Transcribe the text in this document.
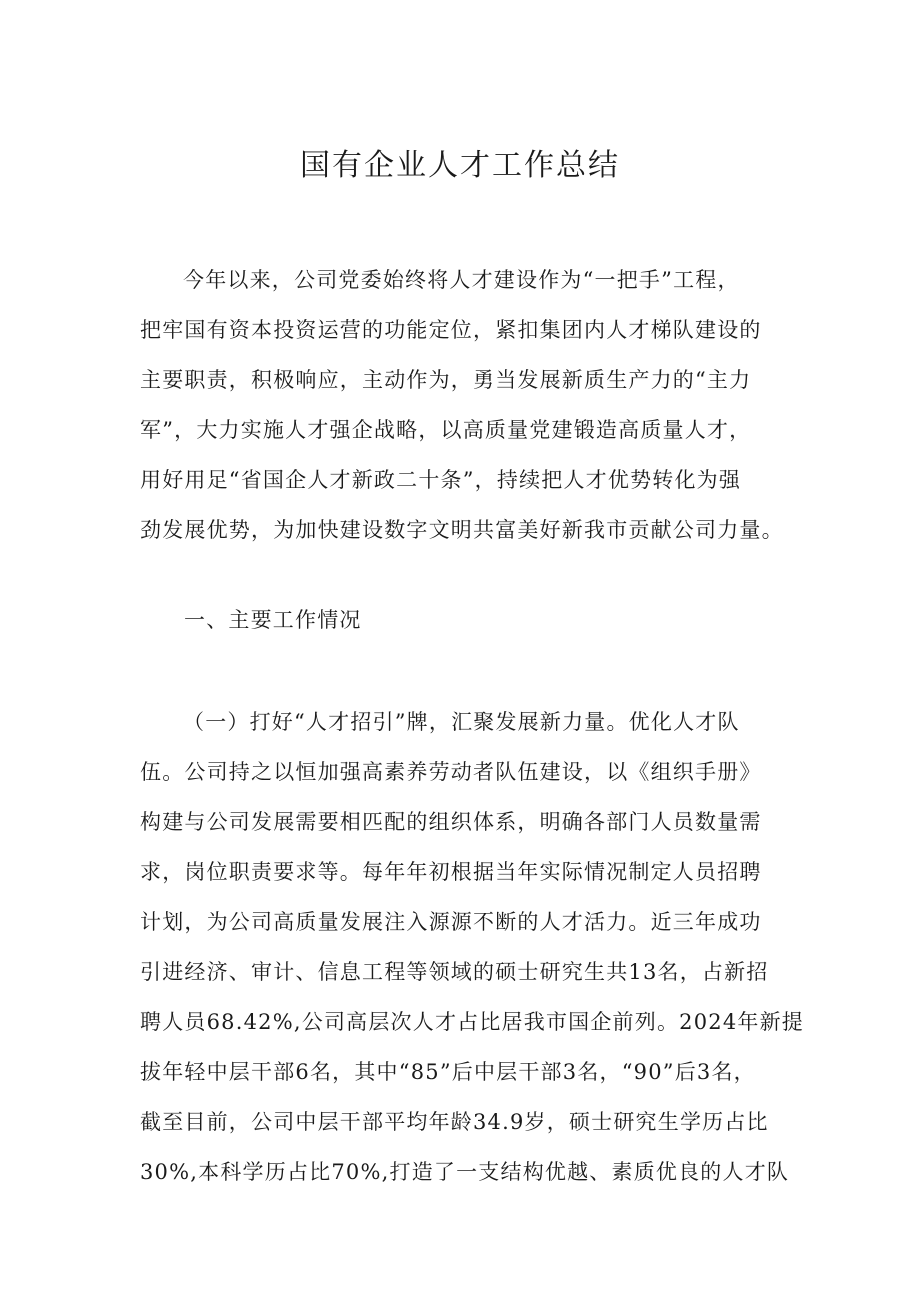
国有企业人才工作总结

今年以来，公司党委始终将人才建设作为“一把手”工程，

把牢国有资本投资运营的功能定位，紧扣集团内人才梯队建设的

主要职责，积极响应，主动作为，勇当发展新质生产力的“主力

军”，大力实施人才强企战略，以高质量党建锻造高质量人才，

用好用足“省国企人才新政二十条”，持续把人才优势转化为强

劲发展优势，为加快建设数字文明共富美好新我市贡献公司力量。

一、主要工作情况

（一）打好“人才招引”牌，汇聚发展新力量。优化人才队

伍。公司持之以恒加强高素养劳动者队伍建设，以《组织手册》

构建与公司发展需要相匹配的组织体系，明确各部门人员数量需

求，岗位职责要求等。每年年初根据当年实际情况制定人员招聘

计划，为公司高质量发展注入源源不断的人才活力。近三年成功

引进经济、审计、信息工程等领域的硕士研究生共13名，占新招

聘人员68.42%,公司高层次人才占比居我市国企前列。2024年新提

拔年轻中层干部6名，其中“85”后中层干部3名，“90”后3名，

截至目前，公司中层干部平均年龄34.9岁，硕士研究生学历占比

30%,本科学历占比70%,打造了一支结构优越、素质优良的人才队
